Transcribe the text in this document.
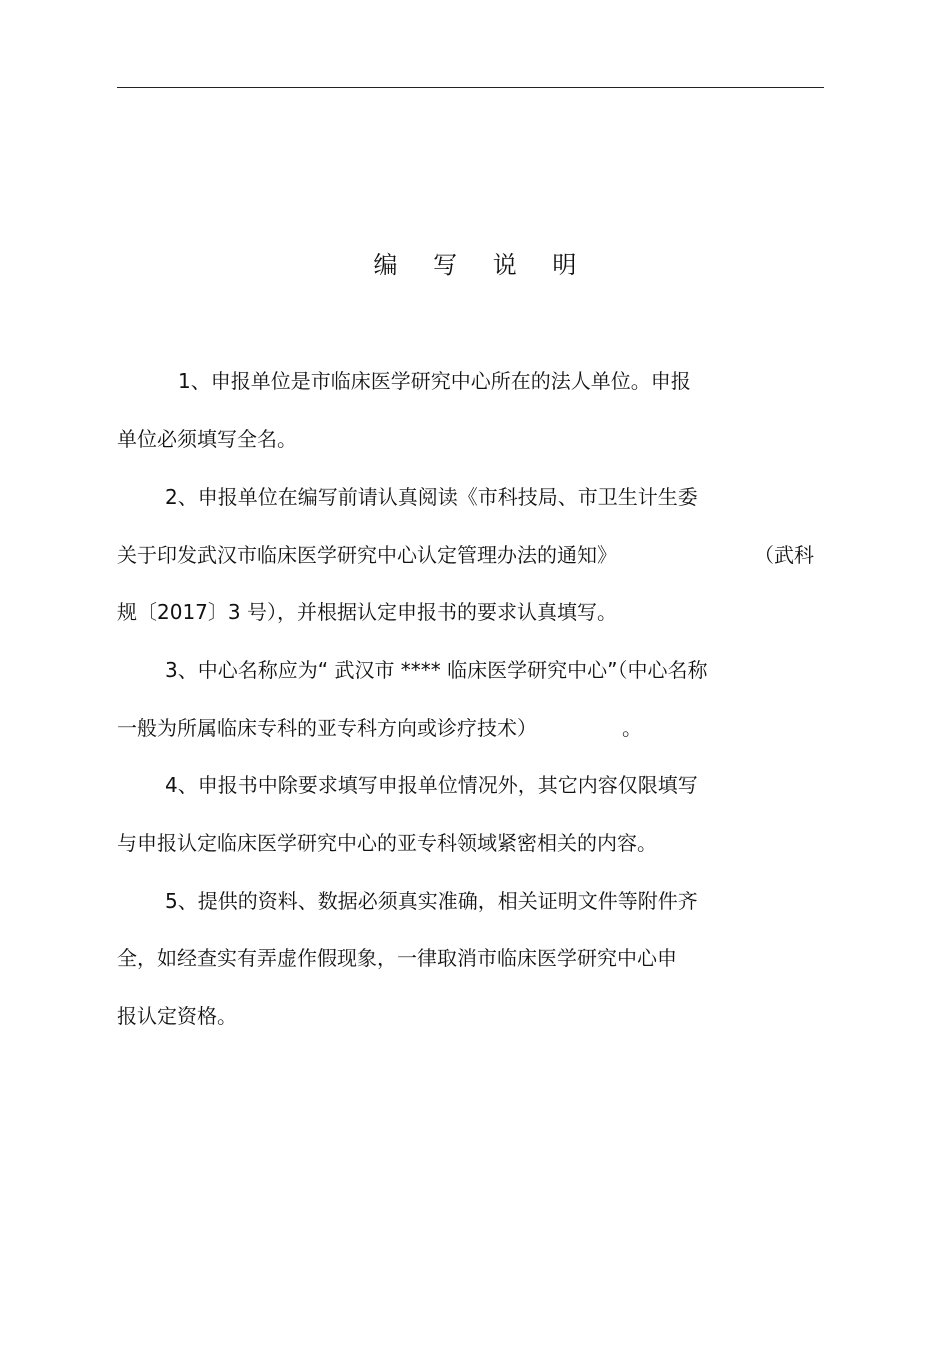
编 写 说 明
1、申报单位是市临床医学研究中心所在的法人单位。申报
单位必须填写全名。
2、申报单位在编写前请认真阅读《市科技局、市卫生计生委
关于印发武汉市临床医学研究中心认定管理办法的通知》	（武科
规〔2017〕3 号），并根据认定申报书的要求认真填写。
3、中心名称应为“ 武汉市 **** 临床医学研究中心”（中心名称
一般为所属临床专科的亚专科方向或诊疗技术）	。
4、申报书中除要求填写申报单位情况外，其它内容仅限填写
与申报认定临床医学研究中心的亚专科领域紧密相关的内容。
5、提供的资料、数据必须真实准确，相关证明文件等附件齐
全，如经查实有弄虚作假现象，一律取消市临床医学研究中心申
报认定资格。
